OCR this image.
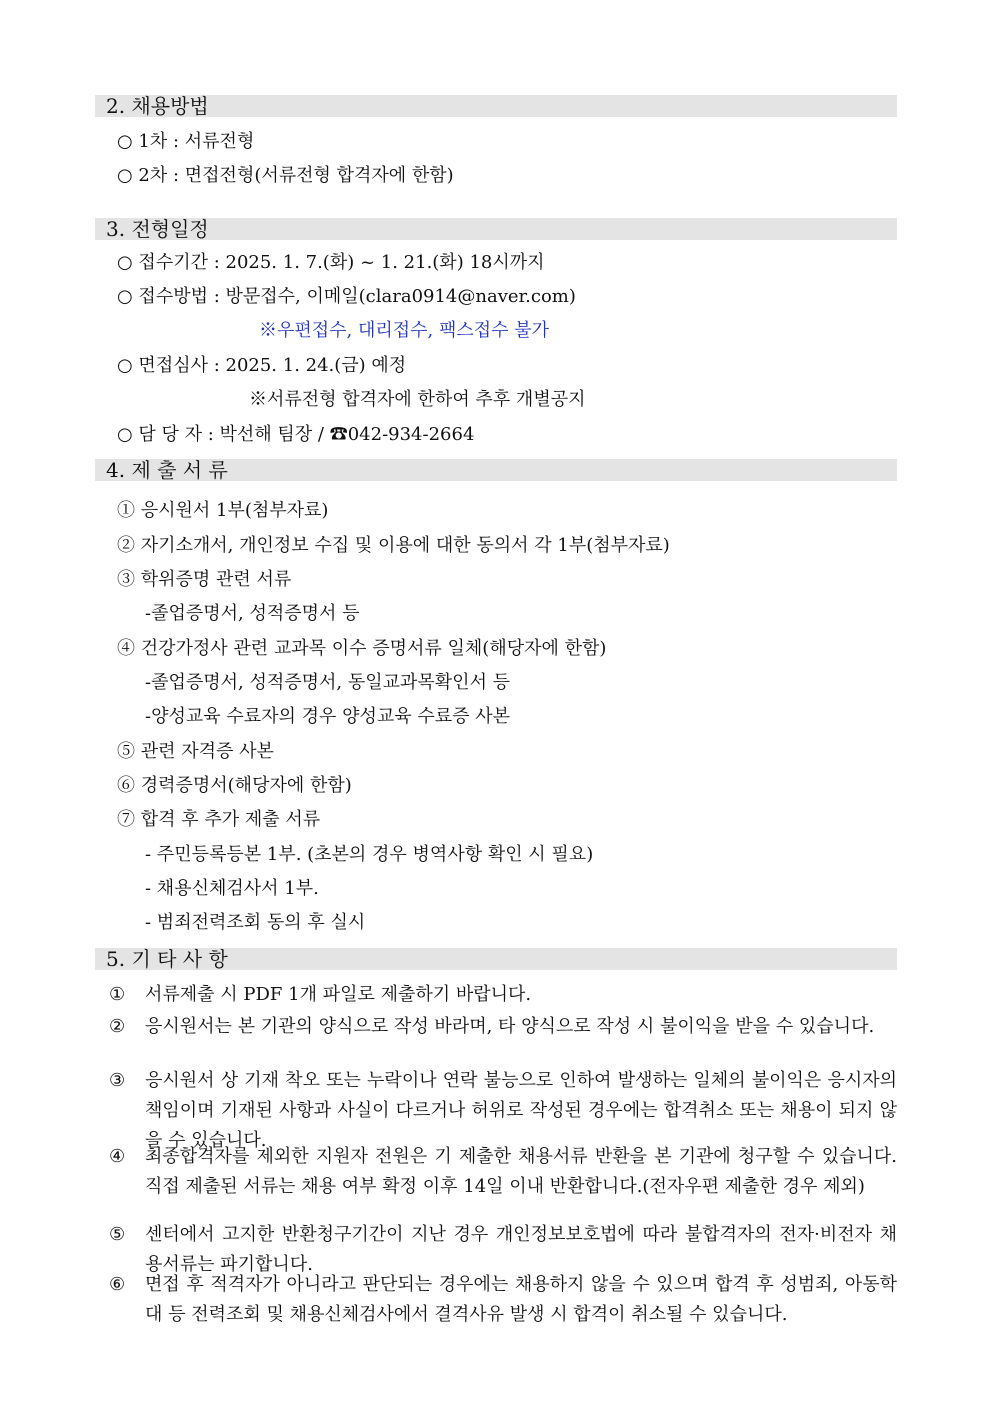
2. 채용방법
○ 1차 : 서류전형
○ 2차 : 면접전형(서류전형 합격자에 한함)
3. 전형일정
○ 접수기간 : 2025. 1. 7.(화) ~ 1. 21.(화) 18시까지
○ 접수방법 : 방문접수, 이메일(clara0914@naver.com)
※우편접수, 대리접수, 팩스접수 불가
○ 면접심사 : 2025. 1. 24.(금) 예정
※서류전형 합격자에 한하여 추후 개별공지
○ 담 당 자 : 박선해 팀장 / ☎042-934-2664
4. 제 출 서 류
① 응시원서 1부(첨부자료)
② 자기소개서, 개인정보 수집 및 이용에 대한 동의서 각 1부(첨부자료)
③ 학위증명 관련 서류
-졸업증명서, 성적증명서 등
④ 건강가정사 관련 교과목 이수 증명서류 일체(해당자에 한함)
-졸업증명서, 성적증명서, 동일교과목확인서 등
-양성교육 수료자의 경우 양성교육 수료증 사본
⑤ 관련 자격증 사본
⑥ 경력증명서(해당자에 한함)
⑦ 합격 후 추가 제출 서류
- 주민등록등본 1부. (초본의 경우 병역사항 확인 시 필요)
- 채용신체검사서 1부.
- 범죄전력조회 동의 후 실시
5. 기 타 사 항
① 서류제출 시 PDF 1개 파일로 제출하기 바랍니다.
② 응시원서는 본 기관의 양식으로 작성 바라며, 타 양식으로 작성 시 불이익을 받을 수 있습니다.
③ 응시원서 상 기재 착오 또는 누락이나 연락 불능으로 인하여 발생하는 일체의 불이익은 응시자의 책임이며 기재된 사항과 사실이 다르거나 허위로 작성된 경우에는 합격취소 또는 채용이 되지 않을 수 있습니다.
④ 최종합격자를 제외한 지원자 전원은 기 제출한 채용서류 반환을 본 기관에 청구할 수 있습니다. 직접 제출된 서류는 채용 여부 확정 이후 14일 이내 반환합니다.(전자우편 제출한 경우 제외)
⑤ 센터에서 고지한 반환청구기간이 지난 경우 개인정보보호법에 따라 불합격자의 전자·비전자 채용서류는 파기합니다.
⑥ 면접 후 적격자가 아니라고 판단되는 경우에는 채용하지 않을 수 있으며 합격 후 성범죄, 아동학대 등 전력조회 및 채용신체검사에서 결격사유 발생 시 합격이 취소될 수 있습니다.
